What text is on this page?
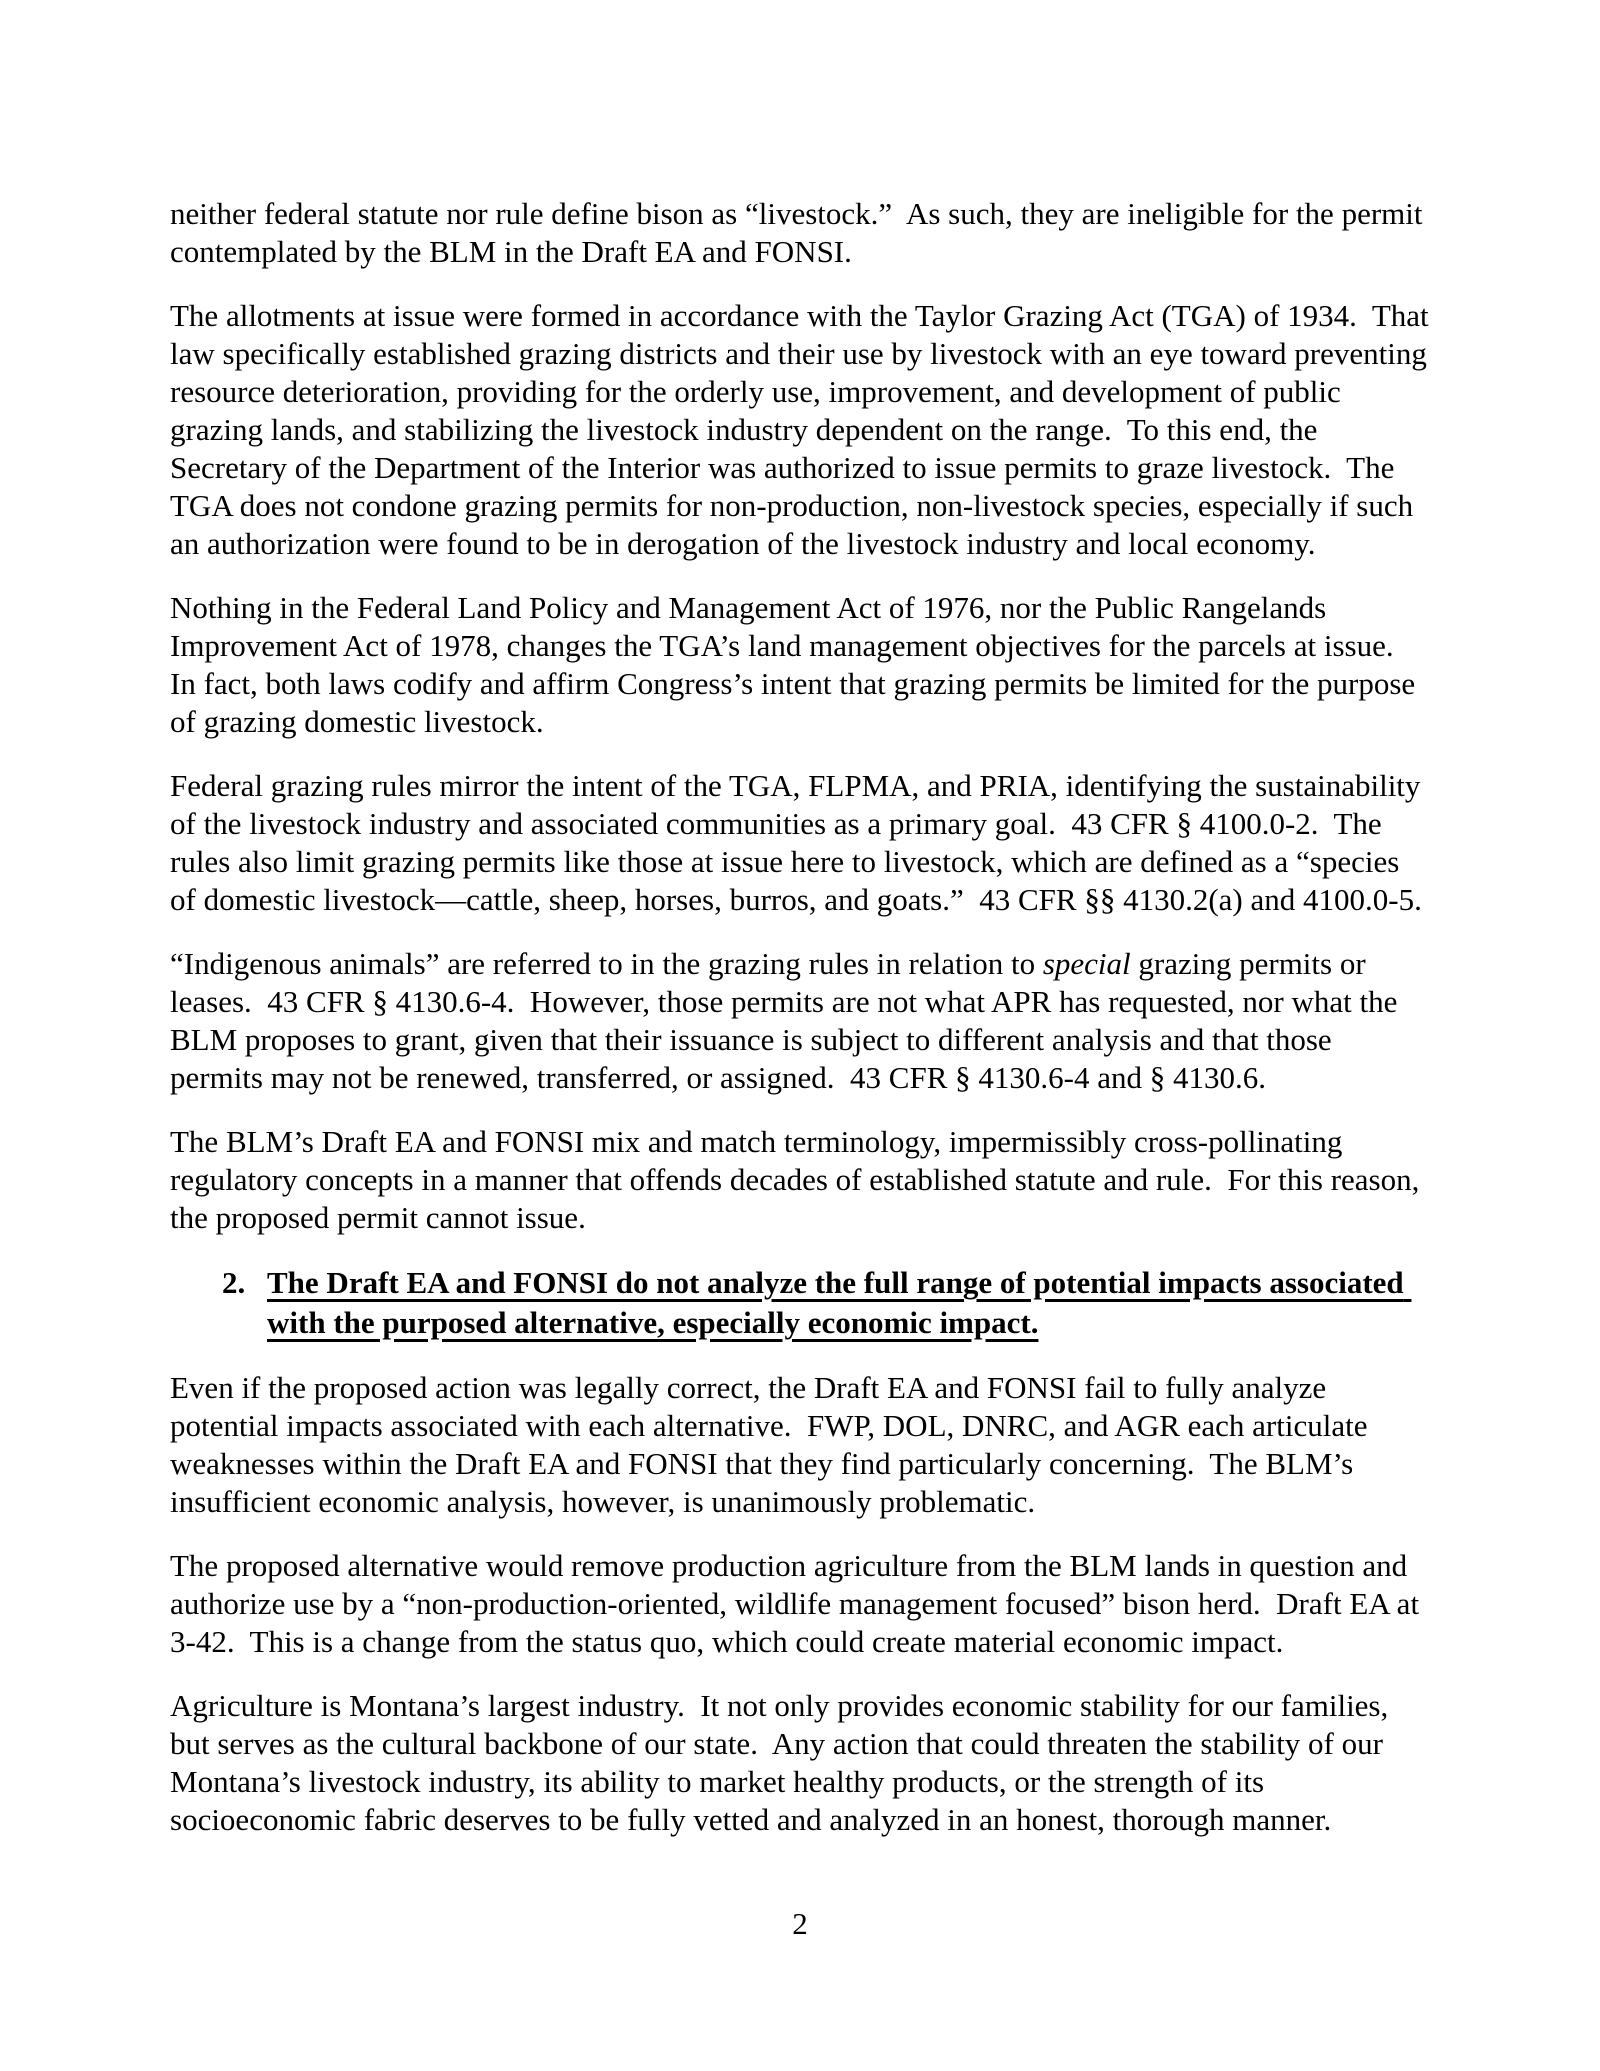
neither federal statute nor rule define bison as “livestock.”  As such, they are ineligible for the permit contemplated by the BLM in the Draft EA and FONSI.

The allotments at issue were formed in accordance with the Taylor Grazing Act (TGA) of 1934.  That law specifically established grazing districts and their use by livestock with an eye toward preventing resource deterioration, providing for the orderly use, improvement, and development of public grazing lands, and stabilizing the livestock industry dependent on the range.  To this end, the Secretary of the Department of the Interior was authorized to issue permits to graze livestock.  The TGA does not condone grazing permits for non-production, non-livestock species, especially if such an authorization were found to be in derogation of the livestock industry and local economy.

Nothing in the Federal Land Policy and Management Act of 1976, nor the Public Rangelands Improvement Act of 1978, changes the TGA’s land management objectives for the parcels at issue.  In fact, both laws codify and affirm Congress’s intent that grazing permits be limited for the purpose of grazing domestic livestock.

Federal grazing rules mirror the intent of the TGA, FLPMA, and PRIA, identifying the sustainability of the livestock industry and associated communities as a primary goal.  43 CFR § 4100.0-2.  The rules also limit grazing permits like those at issue here to livestock, which are defined as a “species of domestic livestock—cattle, sheep, horses, burros, and goats.”  43 CFR §§ 4130.2(a) and 4100.0-5.

“Indigenous animals” are referred to in the grazing rules in relation to special grazing permits or leases.  43 CFR § 4130.6-4.  However, those permits are not what APR has requested, nor what the BLM proposes to grant, given that their issuance is subject to different analysis and that those permits may not be renewed, transferred, or assigned.  43 CFR § 4130.6-4 and § 4130.6.

The BLM’s Draft EA and FONSI mix and match terminology, impermissibly cross-pollinating regulatory concepts in a manner that offends decades of established statute and rule.  For this reason, the proposed permit cannot issue.

2. The Draft EA and FONSI do not analyze the full range of potential impacts associated with the purposed alternative, especially economic impact.

Even if the proposed action was legally correct, the Draft EA and FONSI fail to fully analyze potential impacts associated with each alternative.  FWP, DOL, DNRC, and AGR each articulate weaknesses within the Draft EA and FONSI that they find particularly concerning.  The BLM’s insufficient economic analysis, however, is unanimously problematic.

The proposed alternative would remove production agriculture from the BLM lands in question and authorize use by a “non-production-oriented, wildlife management focused” bison herd.  Draft EA at 3-42.  This is a change from the status quo, which could create material economic impact.

Agriculture is Montana’s largest industry.  It not only provides economic stability for our families, but serves as the cultural backbone of our state.  Any action that could threaten the stability of our Montana’s livestock industry, its ability to market healthy products, or the strength of its socioeconomic fabric deserves to be fully vetted and analyzed in an honest, thorough manner.

2
